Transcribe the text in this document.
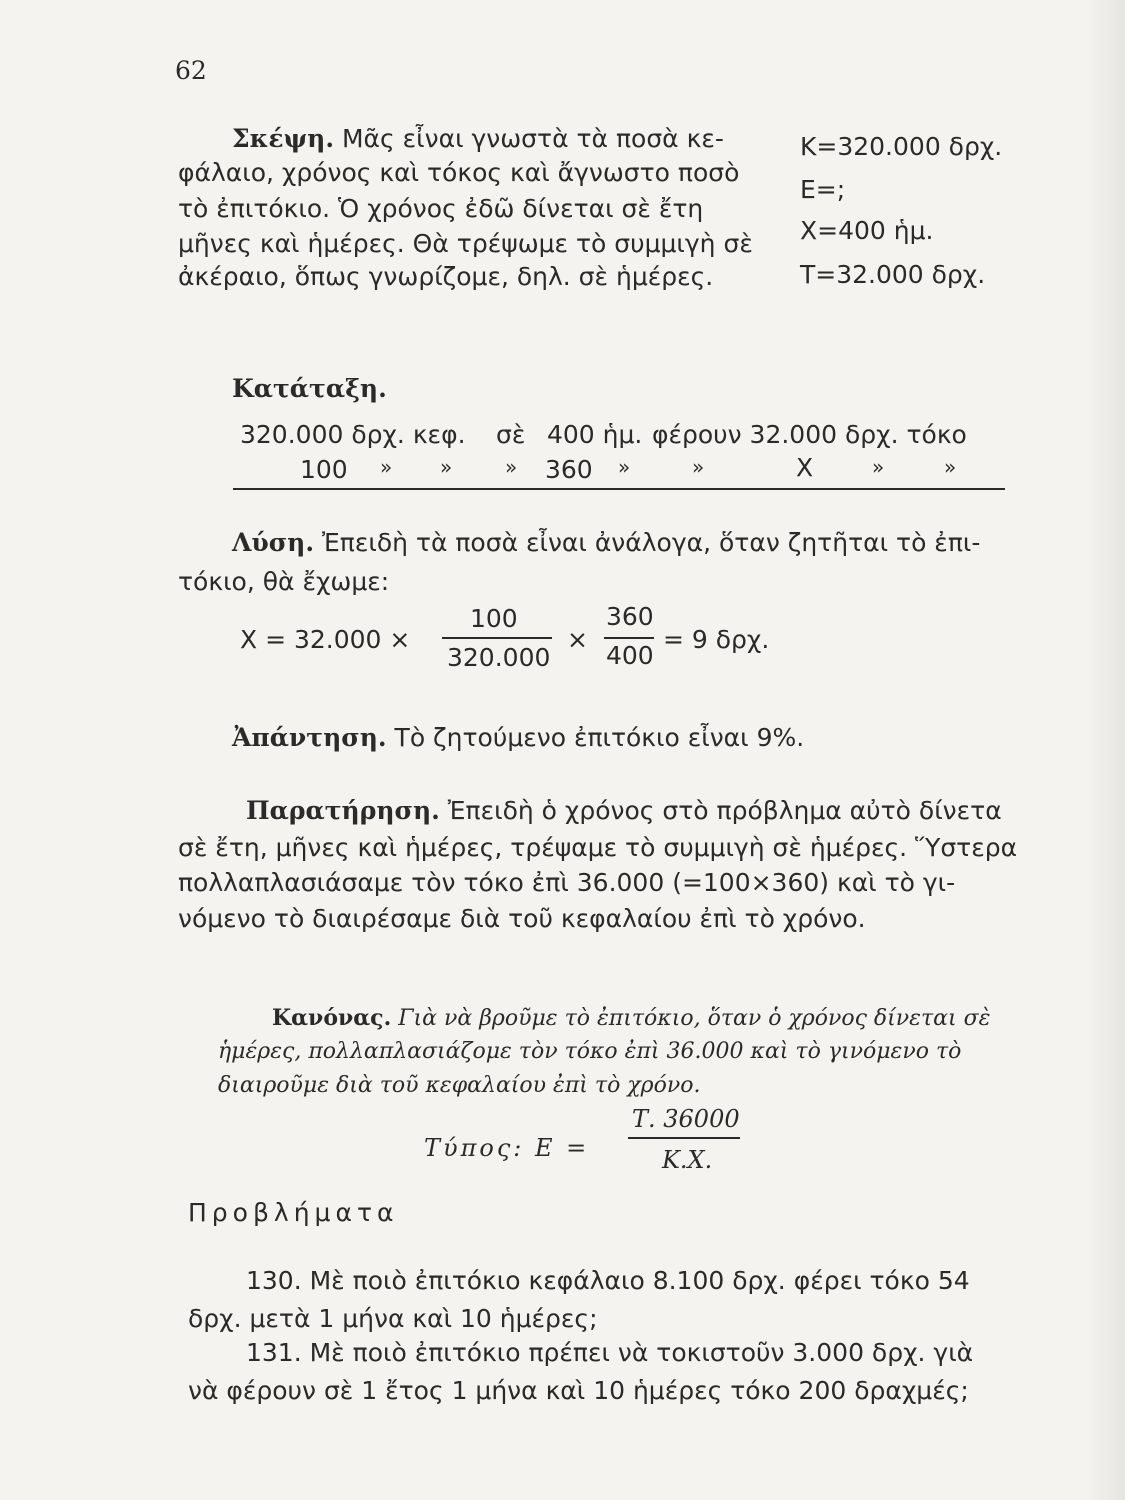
62
Σκέψη. Μᾶς εἶναι γνωστὰ τὰ ποσὰ κε-
φάλαιο, χρόνος καὶ τόκος καὶ ἄγνωστο ποσὸ
τὸ ἐπιτόκιο. Ὁ χρόνος ἐδῶ δίνεται σὲ ἔτη
μῆνες καὶ ἡμέρες. Θὰ τρέψωμε τὸ συμμιγὴ σὲ
ἀκέραιο, ὅπως γνωρίζομε, δηλ. σὲ ἡμέρες.
Κ=320.000 δρχ.
Ε=;
Χ=400 ἡμ.
Τ=32.000 δρχ.
Κατάταξη.
320.000 δρχ. κεφ. σὲ 400 ἡμ. φέρουν 32.000 δρχ. τόκο
100 » »	» 360 »	»	Χ	»	»
Λύση. Ἐπειδὴ τὰ ποσὰ εἶναι ἀνάλογα, ὅταν ζητῆται τὸ ἐπι-
τόκιο, θὰ ἔχωμε:
Χ = 32.000 ×
100
320.000
×
360
400
= 9 δρχ.
Ἀπάντηση. Τὸ ζητούμενο ἐπιτόκιο εἶναι 9%.
Παρατήρηση. Ἐπειδὴ ὁ χρόνος στὸ πρόβλημα αὐτὸ δίνετα
σὲ ἔτη, μῆνες καὶ ἡμέρες, τρέψαμε τὸ συμμιγὴ σὲ ἡμέρες. Ὕστερα
πολλαπλασιάσαμε τὸν τόκο ἐπὶ 36.000 (=100×360) καὶ τὸ γι-
νόμενο τὸ διαιρέσαμε διὰ τοῦ κεφαλαίου ἐπὶ τὸ χρόνο.
Κανόνας. Γιὰ νὰ βροῦμε τὸ ἐπιτόκιο, ὅταν ὁ χρόνος δίνεται σὲ
ἡμέρες, πολλαπλασιάζομε τὸν τόκο ἐπὶ 36.000 καὶ τὸ γινόμενο τὸ
διαιροῦμε διὰ τοῦ κεφαλαίου ἐπὶ τὸ χρόνο.
Τύπος: Ε =
Τ. 36000
Κ.Χ.
Προβλήματα
130. Μὲ ποιὸ ἐπιτόκιο κεφάλαιο 8.100 δρχ. φέρει τόκο 54
δρχ. μετὰ 1 μήνα καὶ 10 ἡμέρες;
131. Μὲ ποιὸ ἐπιτόκιο πρέπει νὰ τοκιστοῦν 3.000 δρχ. γιὰ
νὰ φέρουν σὲ 1 ἔτος 1 μήνα καὶ 10 ἡμέρες τόκο 200 δραχμές;
